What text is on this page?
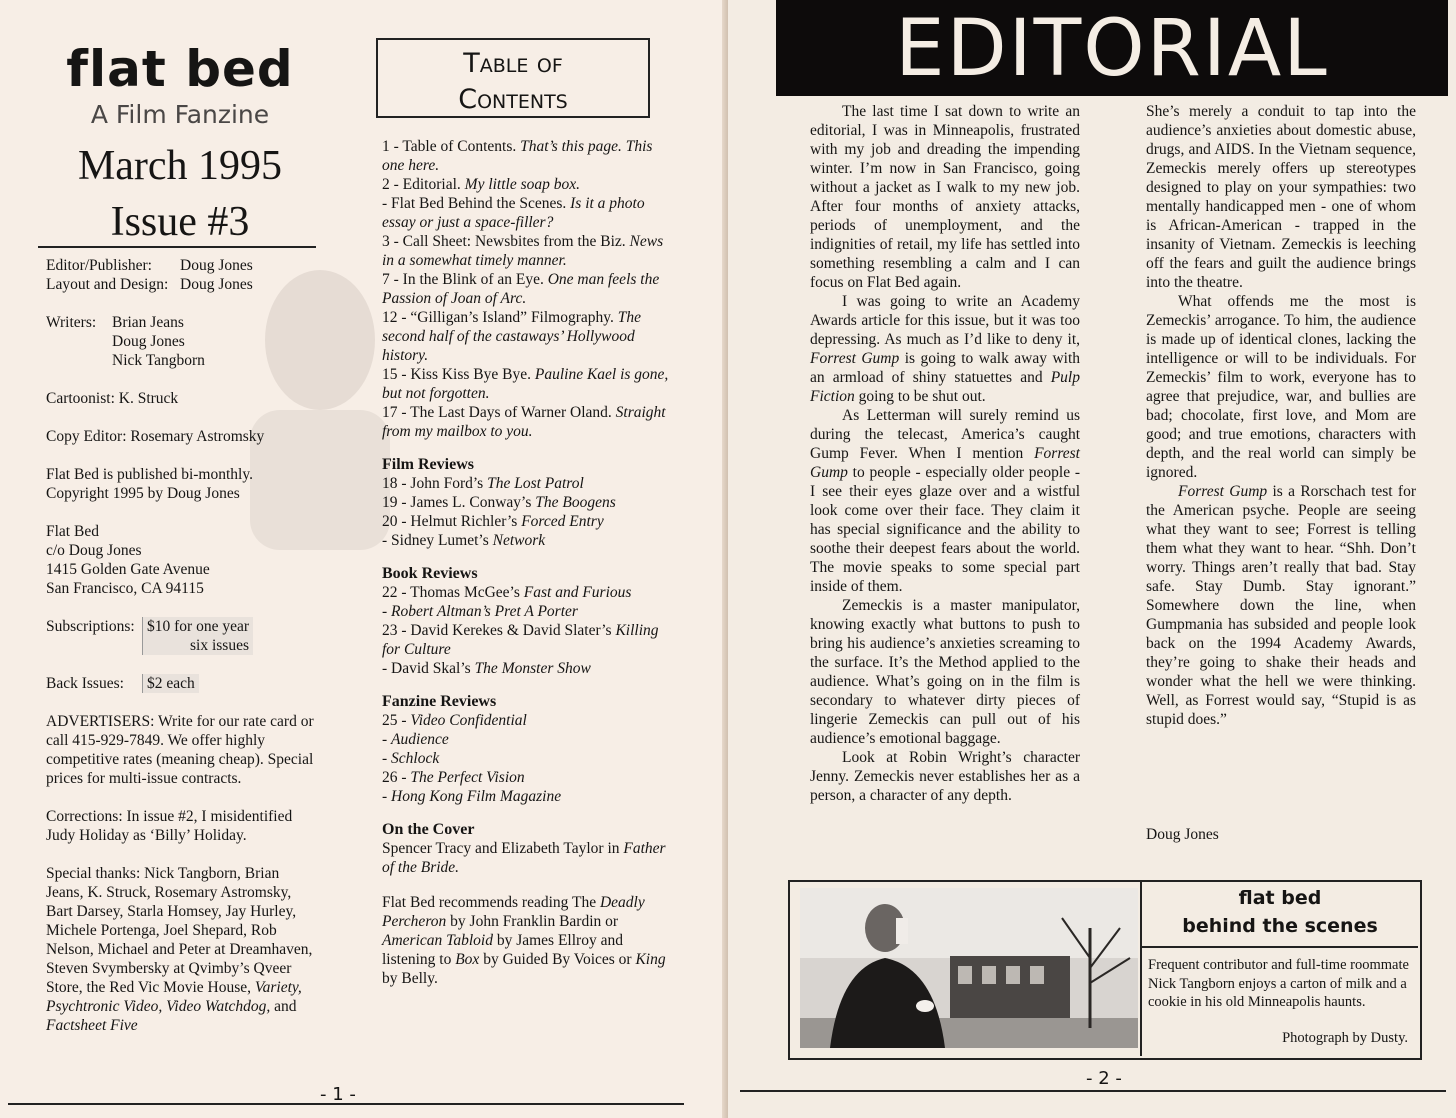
flat bed
A Film Fanzine
March 1995
Issue #3

Editor/Publisher:	Doug Jones
Layout and Design: Doug Jones

Writers:	Brian Jeans
Doug Jones
Nick Tangborn

Cartoonist: K. Struck

Copy Editor: Rosemary Astromsky

Flat Bed is published bi-monthly.
Copyright 1995 by Doug Jones

Flat Bed
c/o Doug Jones
1415 Golden Gate Avenue
San Francisco, CA 94115

Subscriptions: $10 for one year
six issues

Back Issues:	$2 each

ADVERTISERS: Write for our rate card or call 415-929-7849. We offer highly competitive rates (meaning cheap). Special prices for multi-issue contracts.

Corrections: In issue #2, I misidentified Judy Holiday as ‘Billy’ Holiday.

Special thanks: Nick Tangborn, Brian Jeans, K. Struck, Rosemary Astromsky, Bart Darsey, Starla Homsey, Jay Hurley, Michele Portenga, Joel Shepard, Rob Nelson, Michael and Peter at Dreamhaven, Steven Svymbersky at Qvimby’s Qveer Store, the Red Vic Movie House, Variety, Psychtronic Video, Video Watchdog, and Factsheet Five

Table of
Contents

1 - Table of Contents. That’s this page. This one here.

2 - Editorial. My little soap box.

- Flat Bed Behind the Scenes. Is it a photo essay or just a space-filler?

3 - Call Sheet: Newsbites from the Biz. News in a somewhat timely manner.

7 - In the Blink of an Eye. One man feels the Passion of Joan of Arc.

12 - “Gilligan’s Island” Filmography. The second half of the castaways’ Hollywood history.

15 - Kiss Kiss Bye Bye. Pauline Kael is gone, but not forgotten.

17 - The Last Days of Warner Oland. Straight from my mailbox to you.

Film Reviews

18 - John Ford’s The Lost Patrol

19 - James L. Conway’s The Boogens

20 - Helmut Richler’s Forced Entry

- Sidney Lumet’s Network

Book Reviews

22 - Thomas McGee’s Fast and Furious

- Robert Altman’s Pret A Porter

23 - David Kerekes & David Slater’s Killing for Culture

- David Skal’s The Monster Show

Fanzine Reviews

25 - Video Confidential

- Audience

- Schlock

26 - The Perfect Vision

- Hong Kong Film Magazine

On the Cover

Spencer Tracy and Elizabeth Taylor in Father of the Bride.

Flat Bed recommends reading The Deadly Percheron by John Franklin Bardin or American Tabloid by James Ellroy and listening to Box by Guided By Voices or King by Belly.

- 1 -
EDITORIAL

The last time I sat down to write an editorial, I was in Minneapolis, frustrated with my job and dreading the impending winter. I’m now in San Francisco, going without a jacket as I walk to my new job. After four months of anxiety attacks, periods of unemployment, and the indignities of retail, my life has settled into something resembling a calm and I can focus on Flat Bed again.

I was going to write an Academy Awards article for this issue, but it was too depressing. As much as I’d like to deny it, Forrest Gump is going to walk away with an armload of shiny statuettes and Pulp Fiction going to be shut out.

As Letterman will surely remind us during the telecast, America’s caught Gump Fever. When I mention Forrest Gump to people - especially older people - I see their eyes glaze over and a wistful look come over their face. They claim it has special significance and the ability to soothe their deepest fears about the world. The movie speaks to some special part inside of them.

Zemeckis is a master manipulator, knowing exactly what buttons to push to bring his audience’s anxieties screaming to the surface. It’s the Method applied to the audience. What’s going on in the film is secondary to whatever dirty pieces of lingerie Zemeckis can pull out of his audience’s emotional baggage.

Look at Robin Wright’s character Jenny. Zemeckis never establishes her as a person, a character of any depth.

She’s merely a conduit to tap into the audience’s anxieties about domestic abuse, drugs, and AIDS. In the Vietnam sequence, Zemeckis merely offers up stereotypes designed to play on your sympathies: two mentally handicapped men - one of whom is African-American - trapped in the insanity of Vietnam. Zemeckis is leeching off the fears and guilt the audience brings into the theatre.

What offends me the most is Zemeckis’ arrogance. To him, the audience is made up of identical clones, lacking the intelligence or will to be individuals. For Zemeckis’ film to work, everyone has to agree that prejudice, war, and bullies are bad; chocolate, first love, and Mom are good; and true emotions, characters with depth, and the real world can simply be ignored.

Forrest Gump is a Rorschach test for the American psyche. People are seeing what they want to see; Forrest is telling them what they want to hear. “Shh. Don’t worry. Things aren’t really that bad. Stay safe. Stay Dumb. Stay ignorant.” Somewhere down the line, when Gumpmania has subsided and people look back on the 1994 Academy Awards, they’re going to shake their heads and wonder what the hell we were thinking. Well, as Forrest would say, “Stupid is as stupid does.”

Doug Jones
flat bed
behind the scenes
Frequent contributor and full-time roommate Nick Tangborn enjoys a carton of milk and a cookie in his old Minneapolis haunts.
Photograph by Dusty.
- 2 -
